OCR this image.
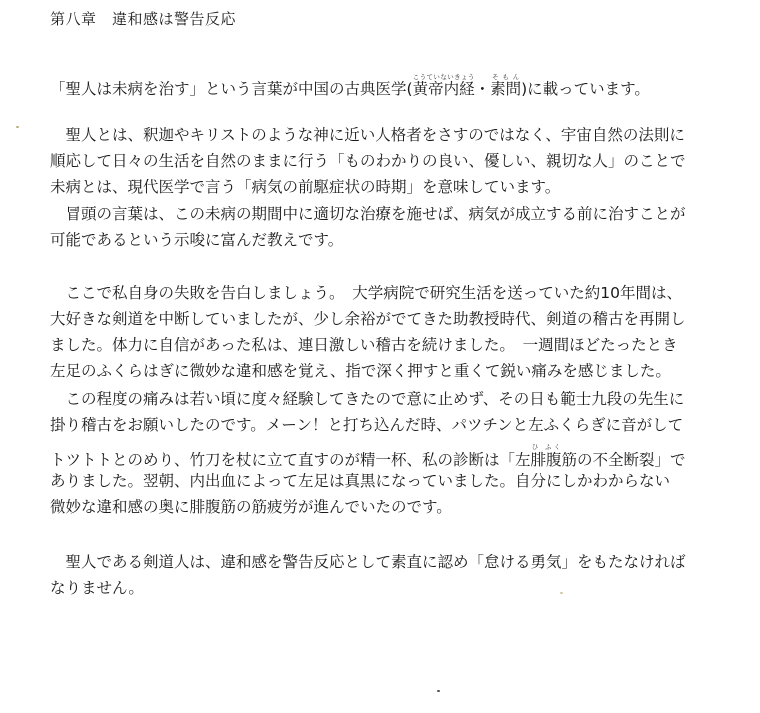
第八章　違和感は警告反応
「聖人は未病を治す」という言葉が中国の古典医学(黄帝内経こうていないきょう・素問そもん)に載っています。
　聖人とは、釈迦やキリストのような神に近い人格者をさすのではなく、宇宙自然の法則に
順応して日々の生活を自然のままに行う「ものわかりの良い、優しい、親切な人」のことで
未病とは、現代医学で言う「病気の前駆症状の時期」を意味しています。
　冒頭の言葉は、この未病の期間中に適切な治療を施せば、病気が成立する前に治すことが
可能であるという示唆に富んだ教えです。
　ここで私自身の失敗を告白しましょう。　大学病院で研究生活を送っていた約10年間は、
大好きな剣道を中断していましたが、少し余裕がでてきた助教授時代、剣道の稽古を再開し
ました。体力に自信があった私は、連日激しい稽古を続けました。　一週間ほどたったとき
左足のふくらはぎに微妙な違和感を覚え、指で深く押すと重くて鋭い痛みを感じました。
　この程度の痛みは若い頃に度々経験してきたので意に止めず、その日も範士九段の先生に
掛り稽古をお願いしたのです。メーン！と打ち込んだ時、パツチンと左ふくらぎに音がして
トツトトとのめり、竹刀を杖に立て直すのが精一杯、私の診断は「左腓腹ひ ふく筋の不全断裂」で
ありました。翌朝、内出血によって左足は真黒になっていました。自分にしかわからない
微妙な違和感の奥に腓腹筋の筋疲労が進んでいたのです。
　聖人である剣道人は、違和感を警告反応として素直に認め「怠ける勇気」をもたなければ
なりません。
